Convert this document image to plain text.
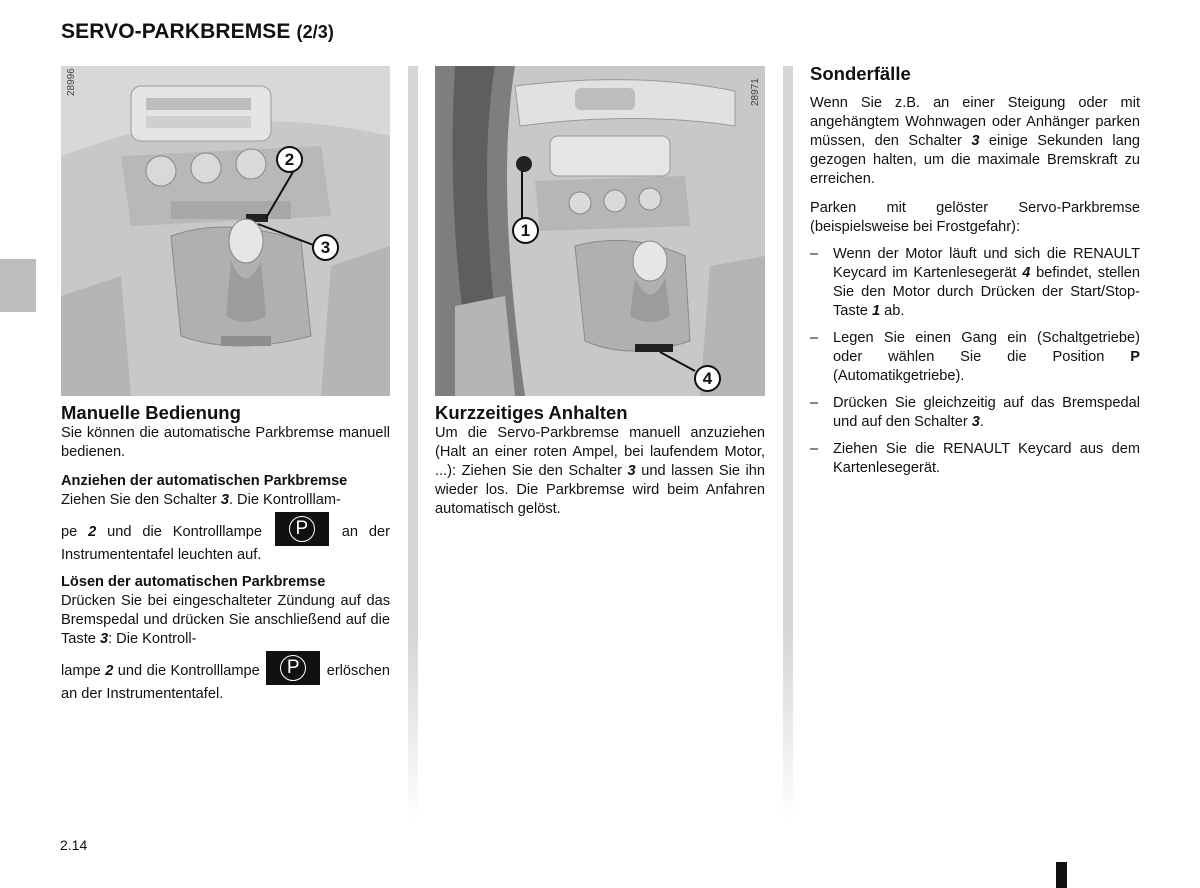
SERVO-PARKBREMSE (2/3)
28996
2
3
28971
1
4
Manuelle Bedienung

Sie können die automatische Parkbremse manuell bedienen.

Anziehen der automatischen Parkbremse

Ziehen Sie den Schalter 3. Die Kontrolllam-

pe 2 und die Kontrolllampe	P	an der Instrumententafel leuchten auf.

Lösen der automatischen Parkbremse

Drücken Sie bei eingeschalteter Zündung auf das Bremspedal und drücken Sie anschließend auf die Taste 3: Die Kontroll-

lampe 2 und die Kontrolllampe	P	erlöschen an der Instrumententafel.

Kurzzeitiges Anhalten

Um die Servo-Parkbremse manuell anzuziehen (Halt an einer roten Ampel, bei laufendem Motor, ...): Ziehen Sie den Schalter 3 und lassen Sie ihn wieder los. Die Parkbremse wird beim Anfahren automatisch gelöst.

Sonderfälle

Wenn Sie z.B. an einer Steigung oder mit angehängtem Wohnwagen oder Anhänger parken müssen, den Schalter 3 einige Sekunden lang gezogen halten, um die maximale Bremskraft zu erreichen.

Parken mit gelöster Servo-Parkbremse (beispielsweise bei Frostgefahr):

– Wenn der Motor läuft und sich die RENAULT Keycard im Kartenlesegerät 4 befindet, stellen Sie den Motor durch Drücken der Start/Stop-Taste 1 ab.
– Legen Sie einen Gang ein (Schaltgetriebe) oder wählen Sie die Position P (Automatikgetriebe).
– Drücken Sie gleichzeitig auf das Bremspedal und auf den Schalter 3.
– Ziehen Sie die RENAULT Keycard aus dem Kartenlesegerät.
2.14
